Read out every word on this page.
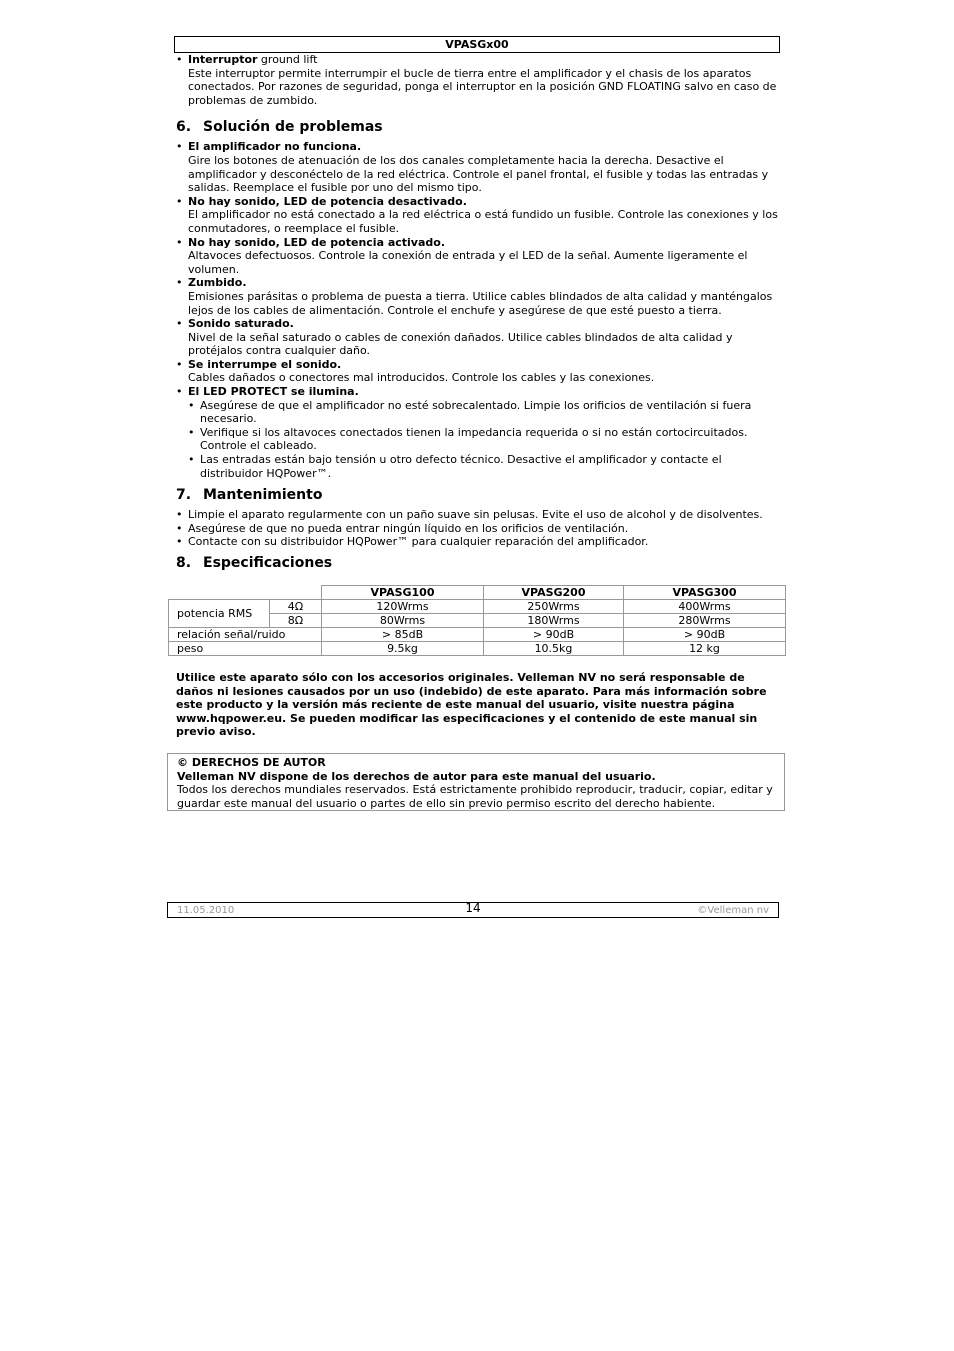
VPASGx00
• Interruptor ground lift
Este interruptor permite interrumpir el bucle de tierra entre el amplificador y el chasis de los aparatos conectados. Por razones de seguridad, ponga el interruptor en la posición GND FLOATING salvo en caso de problemas de zumbido.
6. Solución de problemas
• El amplificador no funciona.
Gire los botones de atenuación de los dos canales completamente hacia la derecha. Desactive el amplificador y desconéctelo de la red eléctrica. Controle el panel frontal, el fusible y todas las entradas y salidas. Reemplace el fusible por uno del mismo tipo.
• No hay sonido, LED de potencia desactivado.
El amplificador no está conectado a la red eléctrica o está fundido un fusible. Controle las conexiones y los conmutadores, o reemplace el fusible.
• No hay sonido, LED de potencia activado.
Altavoces defectuosos. Controle la conexión de entrada y el LED de la señal. Aumente ligeramente el volumen.
• Zumbido.
Emisiones parásitas o problema de puesta a tierra. Utilice cables blindados de alta calidad y manténgalos lejos de los cables de alimentación. Controle el enchufe y asegúrese de que esté puesto a tierra.
• Sonido saturado.
Nivel de la señal saturado o cables de conexión dañados. Utilice cables blindados de alta calidad y protéjalos contra cualquier daño.
• Se interrumpe el sonido.
Cables dañados o conectores mal introducidos. Controle los cables y las conexiones.
• El LED PROTECT se ilumina.
• Asegúrese de que el amplificador no esté sobrecalentado. Limpie los orificios de ventilación si fuera necesario.
• Verifique si los altavoces conectados tienen la impedancia requerida o si no están cortocircuitados. Controle el cableado.
• Las entradas están bajo tensión u otro defecto técnico. Desactive el amplificador y contacte el distribuidor HQPower™.
7. Mantenimiento
• Limpie el aparato regularmente con un paño suave sin pelusas. Evite el uso de alcohol y de disolventes.
• Asegúrese de que no pueda entrar ningún líquido en los orificios de ventilación.
• Contacte con su distribuidor HQPower™ para cualquier reparación del amplificador.
8. Especificaciones
		VPASG100	VPASG200	VPASG300
potencia RMS	4Ω	120Wrms	250Wrms	400Wrms
	8Ω	80Wrms	180Wrms	280Wrms
relación señal/ruido		> 85dB	> 90dB	> 90dB
peso		9.5kg	10.5kg	12 kg
Utilice este aparato sólo con los accesorios originales. Velleman NV no será responsable de daños ni lesiones causados por un uso (indebido) de este aparato. Para más información sobre este producto y la versión más reciente de este manual del usuario, visite nuestra página www.hqpower.eu. Se pueden modificar las especificaciones y el contenido de este manual sin previo aviso.
© DERECHOS DE AUTOR
Velleman NV dispone de los derechos de autor para este manual del usuario.
Todos los derechos mundiales reservados. Está estrictamente prohibido reproducir, traducir, copiar, editar y guardar este manual del usuario o partes de ello sin previo permiso escrito del derecho habiente.
11.05.2010	14	©Velleman nv
